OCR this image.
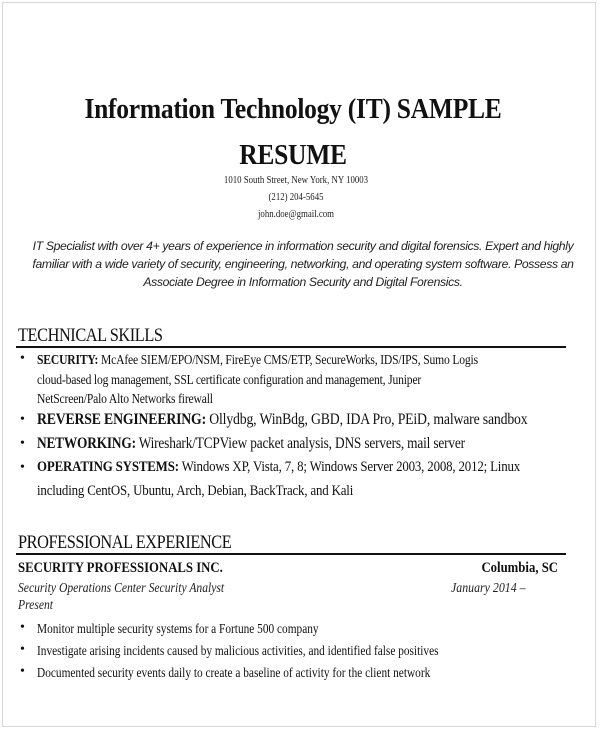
Information Technology (IT) SAMPLE
RESUME
1010 South Street, New York, NY 10003
(212) 204-5645
john.doe@gmail.com
IT Specialist with over 4+ years of experience in information security and digital forensics. Expert and highly
familiar with a wide variety of security, engineering, networking, and operating system software. Possess an
Associate Degree in Information Security and Digital Forensics.
TECHNICAL SKILLS
• SECURITY: McAfee SIEM/EPO/NSM, FireEye CMS/ETP, SecureWorks, IDS/IPS, Sumo Logis
cloud-based log management, SSL certificate configuration and management, Juniper
NetScreen/Palo Alto Networks firewall
• REVERSE ENGINEERING: Ollydbg, WinBdg, GBD, IDA Pro, PEiD, malware sandbox
• NETWORKING: Wireshark/TCPView packet analysis, DNS servers, mail server
• OPERATING SYSTEMS: Windows XP, Vista, 7, 8; Windows Server 2003, 2008, 2012; Linux
including CentOS, Ubuntu, Arch, Debian, BackTrack, and Kali
PROFESSIONAL EXPERIENCE
SECURITY PROFESSIONALS INC.	Columbia, SC
Security Operations Center Security Analyst	January 2014 –
Present
• Monitor multiple security systems for a Fortune 500 company
• Investigate arising incidents caused by malicious activities, and identified false positives
• Documented security events daily to create a baseline of activity for the client network
